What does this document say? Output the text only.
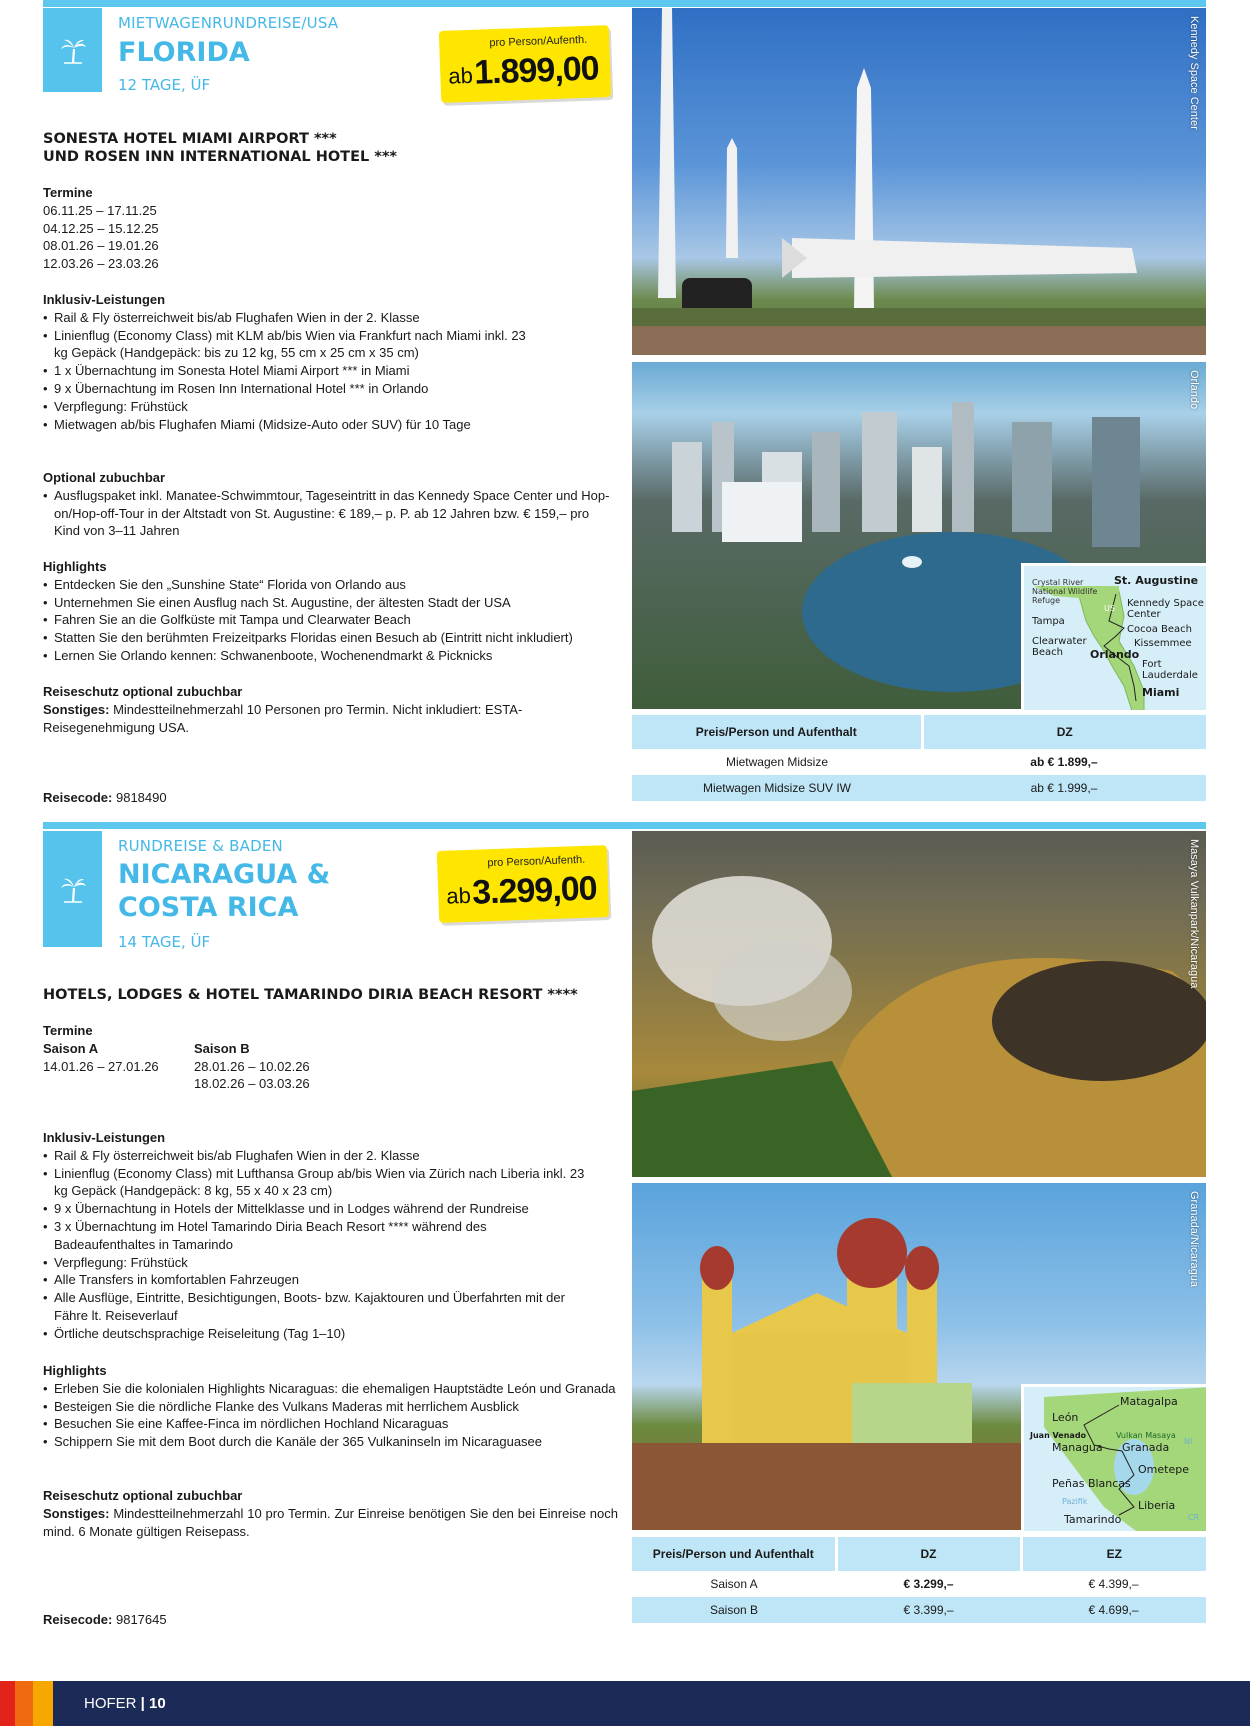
MIETWAGENRUNDREISE/USA
FLORIDA
12 TAGE, ÜF
pro Person/Aufenth.
ab 1.899,00
SONESTA HOTEL MIAMI AIRPORT ***
UND ROSEN INN INTERNATIONAL HOTEL ***
Termine
06.11.25 – 17.11.25
04.12.25 – 15.12.25
08.01.26 – 19.01.26
12.03.26 – 23.03.26
Inklusiv-Leistungen
• Rail & Fly österreichweit bis/ab Flughafen Wien in der 2. Klasse
• Linienflug (Economy Class) mit KLM ab/bis Wien via Frankfurt nach Miami inkl. 23 kg Gepäck (Handgepäck: bis zu 12 kg, 55 cm x 25 cm x 35 cm)
• 1 x Übernachtung im Sonesta Hotel Miami Airport *** in Miami
• 9 x Übernachtung im Rosen Inn International Hotel *** in Orlando
• Verpflegung: Frühstück
• Mietwagen ab/bis Flughafen Miami (Midsize-Auto oder SUV) für 10 Tage
Optional zubuchbar
• Ausflugspaket inkl. Manatee-Schwimmtour, Tageseintritt in das Kennedy Space Center und Hop-on/Hop-off-Tour in der Altstadt von St. Augustine: € 189,– p. P. ab 12 Jahren bzw. € 159,– pro Kind von 3–11 Jahren
Highlights
• Entdecken Sie den „Sunshine State“ Florida von Orlando aus
• Unternehmen Sie einen Ausflug nach St. Augustine, der ältesten Stadt der USA
• Fahren Sie an die Golfküste mit Tampa und Clearwater Beach
• Statten Sie den berühmten Freizeitparks Floridas einen Besuch ab (Eintritt nicht inkludiert)
• Lernen Sie Orlando kennen: Schwanenboote, Wochenendmarkt & Picknicks
Reiseschutz optional zubuchbar
Sonstiges: Mindestteilnehmerzahl 10 Personen pro Termin. Nicht inkludiert: ESTA-Reisegenehmigung USA.
Reisecode: 9818490
Kennedy Space Center
Orlando
Crystal River National Wildlife Refuge
St. Augustine
US Kennedy Space Center
Cocoa Beach
Tampa
Kissemmee
Clearwater Beach	Orlando
Fort Lauderdale
Miami
Preis/Person und Aufenthalt	DZ
Mietwagen Midsize	ab € 1.899,–
Mietwagen Midsize SUV IW	ab € 1.999,–
RUNDREISE & BADEN
NICARAGUA &
COSTA RICA
14 TAGE, ÜF
pro Person/Aufenth.
ab 3.299,00
HOTELS, LODGES & HOTEL TAMARINDO DIRIA BEACH RESORT ****
Termine
Saison A
14.01.26 – 27.01.26
Saison B
28.01.26 – 10.02.26
18.02.26 – 03.03.26
Inklusiv-Leistungen
• Rail & Fly österreichweit bis/ab Flughafen Wien in der 2. Klasse
• Linienflug (Economy Class) mit Lufthansa Group ab/bis Wien via Zürich nach Liberia inkl. 23 kg Gepäck (Handgepäck: 8 kg, 55 x 40 x 23 cm)
• 9 x Übernachtung in Hotels der Mittelklasse und in Lodges während der Rundreise
• 3 x Übernachtung im Hotel Tamarindo Diria Beach Resort **** während des Badeaufenthaltes in Tamarindo
• Verpflegung: Frühstück
• Alle Transfers in komfortablen Fahrzeugen
• Alle Ausflüge, Eintritte, Besichtigungen, Boots- bzw. Kajaktouren und Überfahrten mit der Fähre lt. Reiseverlauf
• Örtliche deutschsprachige Reiseleitung (Tag 1–10)
Highlights
• Erleben Sie die kolonialen Highlights Nicaraguas: die ehemaligen Hauptstädte León und Granada
• Besteigen Sie die nördliche Flanke des Vulkans Maderas mit herrlichem Ausblick
• Besuchen Sie eine Kaffee-Finca im nördlichen Hochland Nicaraguas
• Schippern Sie mit dem Boot durch die Kanäle der 365 Vulkaninseln im Nicaraguasee
Reiseschutz optional zubuchbar
Sonstiges: Mindestteilnehmerzahl 10 pro Termin. Zur Einreise benötigen Sie den bei Einreise noch mind. 6 Monate gültigen Reisepass.
Reisecode: 9817645
Masaya Vulkanpark/Nicaragua
Granada/Nicaragua
Matagalpa
León
Juan Venado	Vulkan Masaya
Managua Granada NI
Ometepe
Peñas Blancas
Pazifik	Liberia
Tamarindo	CR
Preis/Person und Aufenthalt	DZ	EZ
Saison A	€ 3.299,–	€ 4.399,–
Saison B	€ 3.399,–	€ 4.699,–
HOFER | 10
